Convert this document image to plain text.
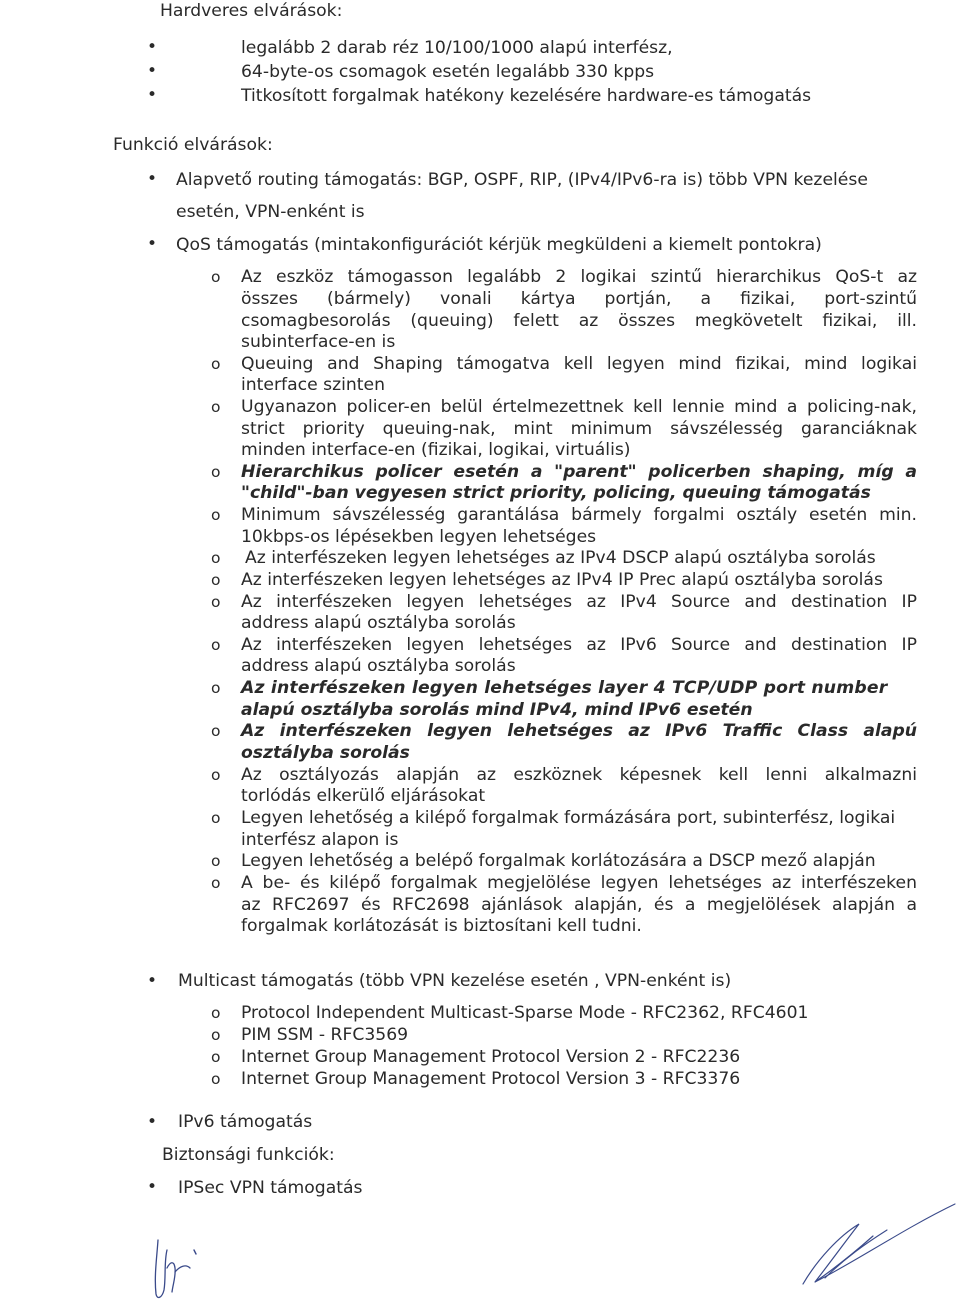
Hardveres elvárások:
•	legalább 2 darab réz 10/100/1000 alapú interfész,
•	64-byte-os csomagok esetén legalább 330 kpps
•	Titkosított forgalmak hatékony kezelésére hardware-es támogatás
Funkció elvárások:
• Alapvető routing támogatás: BGP, OSPF, RIP, (IPv4/IPv6-ra is) több VPN kezelése
esetén, VPN-enként is
• QoS támogatás (mintakonfigurációt kérjük megküldeni a kiemelt pontokra)
o Az eszköz támogasson legalább 2 logikai szintű hierarchikus QoS-t az
összes (bármely) vonali kártya portján, a fizikai, port-szintű
csomagbesorolás (queuing) felett az összes megkövetelt fizikai, ill.
subinterface-en is
o Queuing and Shaping támogatva kell legyen mind fizikai, mind logikai
interface szinten
o Ugyanazon policer-en belül értelmezettnek kell lennie mind a policing-nak,
strict priority queuing-nak, mint minimum sávszélesség garanciáknak
minden interface-en (fizikai, logikai, virtuális)
o Hierarchikus policer esetén a "parent" policerben shaping, míg a
"child"-ban vegyesen strict priority, policing, queuing támogatás
o Minimum sávszélesség garantálása bármely forgalmi osztály esetén min.
10kbps-os lépésekben legyen lehetséges
o Az interfészeken legyen lehetséges az IPv4 DSCP alapú osztályba sorolás
o Az interfészeken legyen lehetséges az IPv4 IP Prec alapú osztályba sorolás
o Az interfészeken legyen lehetséges az IPv4 Source and destination IP
address alapú osztályba sorolás
o Az interfészeken legyen lehetséges az IPv6 Source and destination IP
address alapú osztályba sorolás
o Az interfészeken legyen lehetséges layer 4 TCP/UDP port number
alapú osztályba sorolás mind IPv4, mind IPv6 esetén
o Az interfészeken legyen lehetséges az IPv6 Traffic Class alapú
osztályba sorolás
o Az osztályozás alapján az eszköznek képesnek kell lenni alkalmazni
torlódás elkerülő eljárásokat
o Legyen lehetőség a kilépő forgalmak formázására port, subinterfész, logikai
interfész alapon is
o Legyen lehetőség a belépő forgalmak korlátozására a DSCP mező alapján
o A be- és kilépő forgalmak megjelölése legyen lehetséges az interfészeken
az RFC2697 és RFC2698 ajánlások alapján, és a megjelölések alapján a
forgalmak korlátozását is biztosítani kell tudni.
• Multicast támogatás (több VPN kezelése esetén , VPN-enként is)
o Protocol Independent Multicast-Sparse Mode - RFC2362, RFC4601
o PIM SSM - RFC3569
o Internet Group Management Protocol Version 2 - RFC2236
o Internet Group Management Protocol Version 3 - RFC3376
• IPv6 támogatás
Biztonsági funkciók:
• IPSec VPN támogatás
